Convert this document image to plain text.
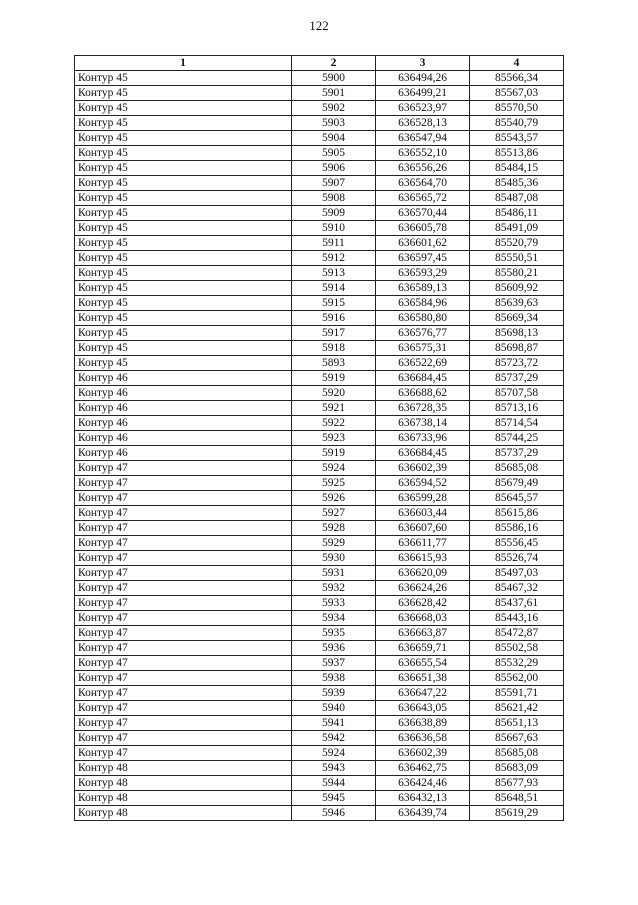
122
1	2	3	4
Контур 45	5900	636494,26	85566,34
Контур 45	5901	636499,21	85567,03
Контур 45	5902	636523,97	85570,50
Контур 45	5903	636528,13	85540,79
Контур 45	5904	636547,94	85543,57
Контур 45	5905	636552,10	85513,86
Контур 45	5906	636556,26	85484,15
Контур 45	5907	636564,70	85485,36
Контур 45	5908	636565,72	85487,08
Контур 45	5909	636570,44	85486,11
Контур 45	5910	636605,78	85491,09
Контур 45	5911	636601,62	85520,79
Контур 45	5912	636597,45	85550,51
Контур 45	5913	636593,29	85580,21
Контур 45	5914	636589,13	85609,92
Контур 45	5915	636584,96	85639,63
Контур 45	5916	636580,80	85669,34
Контур 45	5917	636576,77	85698,13
Контур 45	5918	636575,31	85698,87
Контур 45	5893	636522,69	85723,72
Контур 46	5919	636684,45	85737,29
Контур 46	5920	636688,62	85707,58
Контур 46	5921	636728,35	85713,16
Контур 46	5922	636738,14	85714,54
Контур 46	5923	636733,96	85744,25
Контур 46	5919	636684,45	85737,29
Контур 47	5924	636602,39	85685,08
Контур 47	5925	636594,52	85679,49
Контур 47	5926	636599,28	85645,57
Контур 47	5927	636603,44	85615,86
Контур 47	5928	636607,60	85586,16
Контур 47	5929	636611,77	85556,45
Контур 47	5930	636615,93	85526,74
Контур 47	5931	636620,09	85497,03
Контур 47	5932	636624,26	85467,32
Контур 47	5933	636628,42	85437,61
Контур 47	5934	636668,03	85443,16
Контур 47	5935	636663,87	85472,87
Контур 47	5936	636659,71	85502,58
Контур 47	5937	636655,54	85532,29
Контур 47	5938	636651,38	85562,00
Контур 47	5939	636647,22	85591,71
Контур 47	5940	636643,05	85621,42
Контур 47	5941	636638,89	85651,13
Контур 47	5942	636636,58	85667,63
Контур 47	5924	636602,39	85685,08
Контур 48	5943	636462,75	85683,09
Контур 48	5944	636424,46	85677,93
Контур 48	5945	636432,13	85648,51
Контур 48	5946	636439,74	85619,29
